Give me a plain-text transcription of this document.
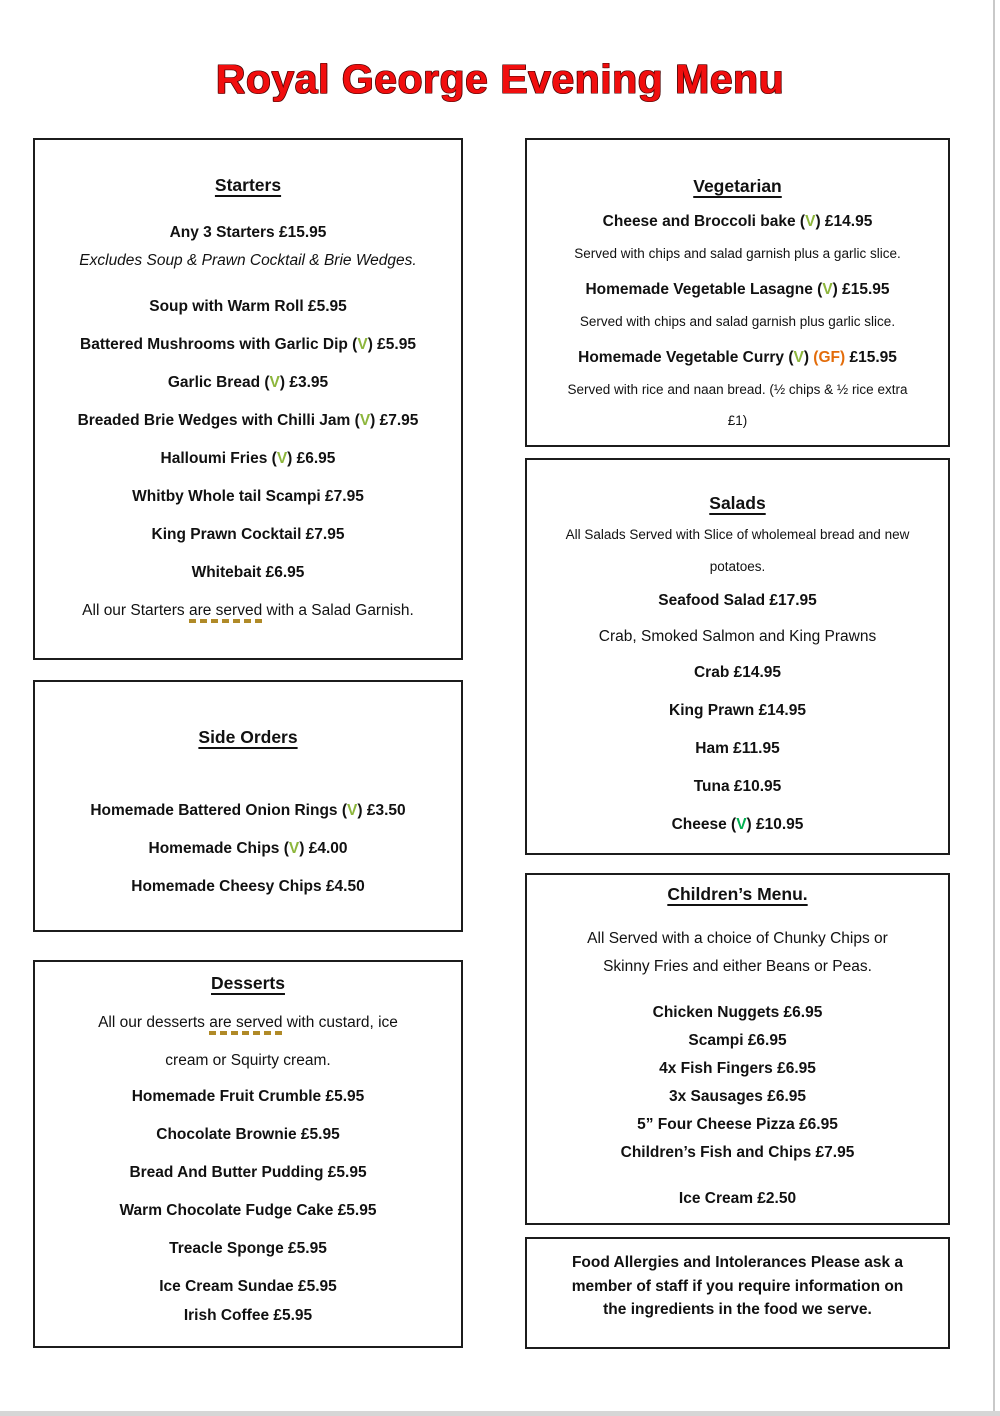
Royal George Evening Menu
Starters
Any 3 Starters £15.95
Excludes Soup & Prawn Cocktail & Brie Wedges.
Soup with Warm Roll £5.95
Battered Mushrooms with Garlic Dip (V) £5.95
Garlic Bread (V) £3.95
Breaded Brie Wedges with Chilli Jam (V) £7.95
Halloumi Fries (V) £6.95
Whitby Whole tail Scampi £7.95
King Prawn Cocktail £7.95
Whitebait £6.95
All our Starters are served with a Salad Garnish.
Side Orders
Homemade Battered Onion Rings (V) £3.50
Homemade Chips (V) £4.00
Homemade Cheesy Chips £4.50
Desserts
All our desserts are served with custard, ice
cream or Squirty cream.
Homemade Fruit Crumble £5.95
Chocolate Brownie £5.95
Bread And Butter Pudding £5.95
Warm Chocolate Fudge Cake £5.95
Treacle Sponge £5.95
Ice Cream Sundae £5.95
Irish Coffee £5.95
Vegetarian
Cheese and Broccoli bake (V) £14.95
Served with chips and salad garnish plus a garlic slice.
Homemade Vegetable Lasagne (V) £15.95
Served with chips and salad garnish plus garlic slice.
Homemade Vegetable Curry (V) (GF) £15.95
Served with rice and naan bread. (½ chips & ½ rice extra
£1)
Salads
All Salads Served with Slice of wholemeal bread and new
potatoes.
Seafood Salad £17.95
Crab, Smoked Salmon and King Prawns
Crab £14.95
King Prawn £14.95
Ham £11.95
Tuna £10.95
Cheese (V) £10.95
Children’s Menu.
All Served with a choice of Chunky Chips or
Skinny Fries and either Beans or Peas.
Chicken Nuggets £6.95
Scampi £6.95
4x Fish Fingers £6.95
3x Sausages £6.95
5” Four Cheese Pizza £6.95
Children’s Fish and Chips £7.95
Ice Cream £2.50
Food Allergies and Intolerances Please ask a
member of staff if you require information on
the ingredients in the food we serve.
